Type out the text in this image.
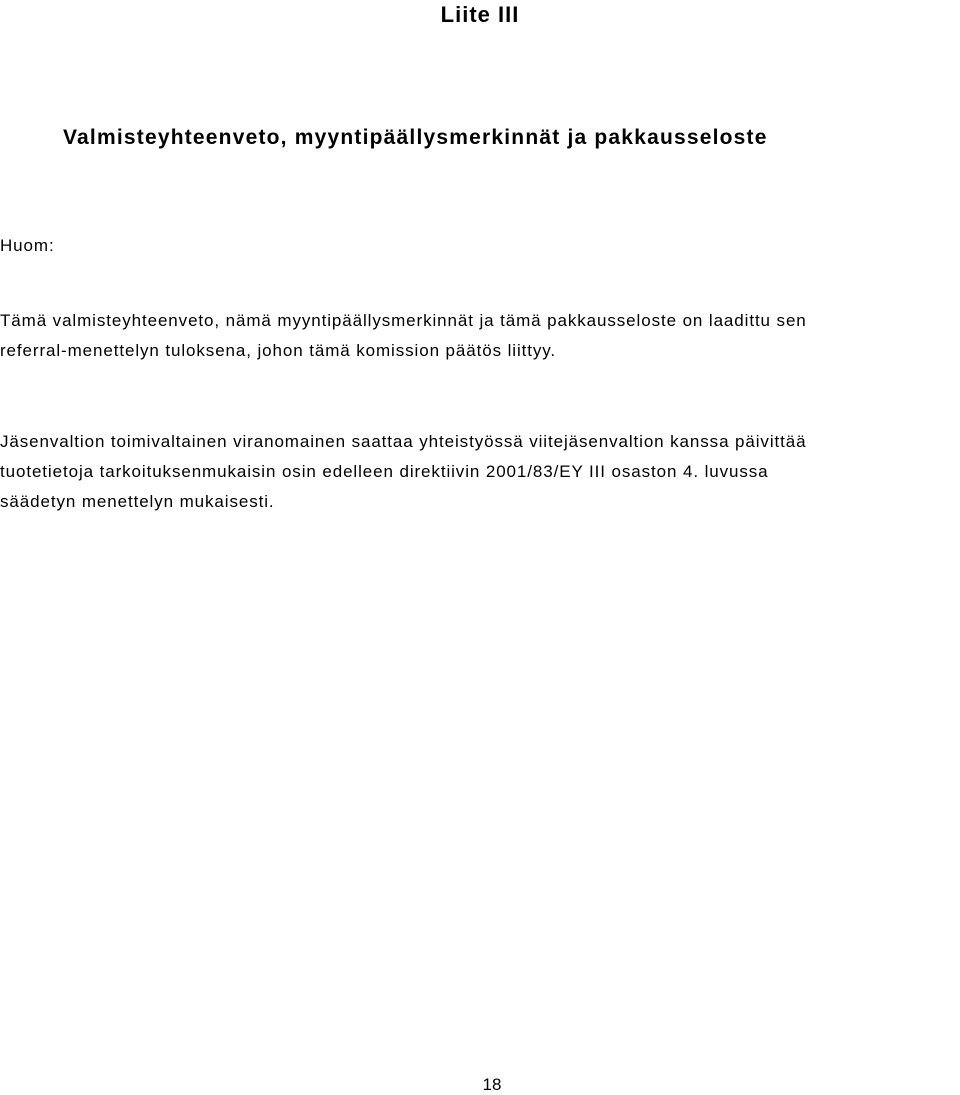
Liite III
Valmisteyhteenveto, myyntipäällysmerkinnät ja pakkausseloste

Huom:

Tämä valmisteyhteenveto, nämä myyntipäällysmerkinnät ja tämä pakkausseloste on laadittu sen
referral-menettelyn tuloksena, johon tämä komission päätös liittyy.

Jäsenvaltion toimivaltainen viranomainen saattaa yhteistyössä viitejäsenvaltion kanssa päivittää
tuotetietoja tarkoituksenmukaisin osin edelleen direktiivin 2001/83/EY III osaston 4. luvussa
säädetyn menettelyn mukaisesti.

18
